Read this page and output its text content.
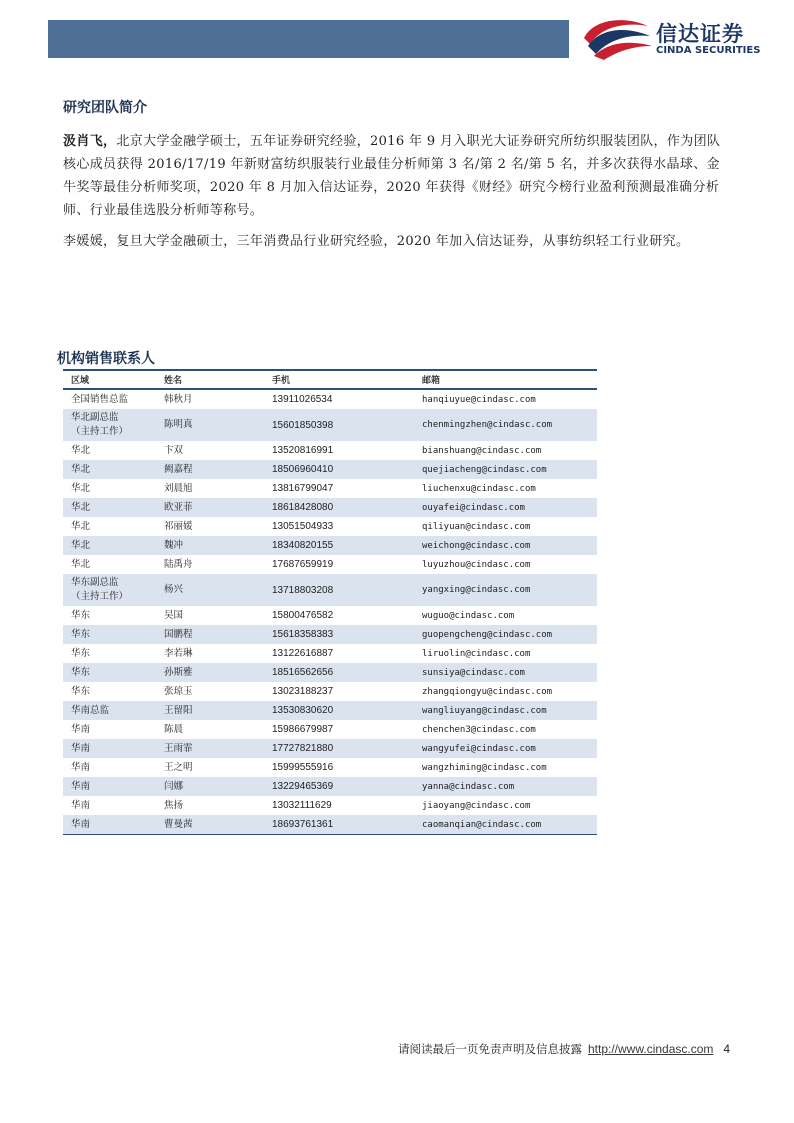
信达证券
CINDA SECURITIES
研究团队简介
汲肖飞，北京大学金融学硕士，五年证券研究经验，2016 年 9 月入职光大证券研究所纺织服装团队，作为团队核心成员获得 2016/17/19 年新财富纺织服装行业最佳分析师第 3 名/第 2 名/第 5 名，并多次获得水晶球、金牛奖等最佳分析师奖项，2020 年 8 月加入信达证券，2020 年获得《财经》研究今榜行业盈利预测最准确分析师、行业最佳选股分析师等称号。
李媛媛，复旦大学金融硕士，三年消费品行业研究经验，2020 年加入信达证券，从事纺织轻工行业研究。
机构销售联系人
区域	姓名	手机	邮箱
全国销售总监	韩秋月	13911026534	hanqiuyue@cindasc.com
华北副总监
（主持工作）	陈明真	15601850398	chenmingzhen@cindasc.com
华北	卞双	13520816991	bianshuang@cindasc.com
华北	阙嘉程	18506960410	quejiacheng@cindasc.com
华北	刘晨旭	13816799047	liuchenxu@cindasc.com
华北	欧亚菲	18618428080	ouyafei@cindasc.com
华北	祁丽媛	13051504933	qiliyuan@cindasc.com
华北	魏冲	18340820155	weichong@cindasc.com
华北	陆禹舟	17687659919	luyuzhou@cindasc.com
华东副总监
（主持工作）	杨兴	13718803208	yangxing@cindasc.com
华东	吴国	15800476582	wuguo@cindasc.com
华东	国鹏程	15618358383	guopengcheng@cindasc.com
华东	李若琳	13122616887	liruolin@cindasc.com
华东	孙斯雅	18516562656	sunsiya@cindasc.com
华东	张琼玉	13023188237	zhangqiongyu@cindasc.com
华南总监	王留阳	13530830620	wangliuyang@cindasc.com
华南	陈晨	15986679987	chenchen3@cindasc.com
华南	王雨霏	17727821880	wangyufei@cindasc.com
华南	王之明	15999555916	wangzhiming@cindasc.com
华南	闫娜	13229465369	yanna@cindasc.com
华南	焦扬	13032111629	jiaoyang@cindasc.com
华南	曹曼茜	18693761361	caomanqian@cindasc.com
请阅读最后一页免责声明及信息披露 http://www.cindasc.com 4
